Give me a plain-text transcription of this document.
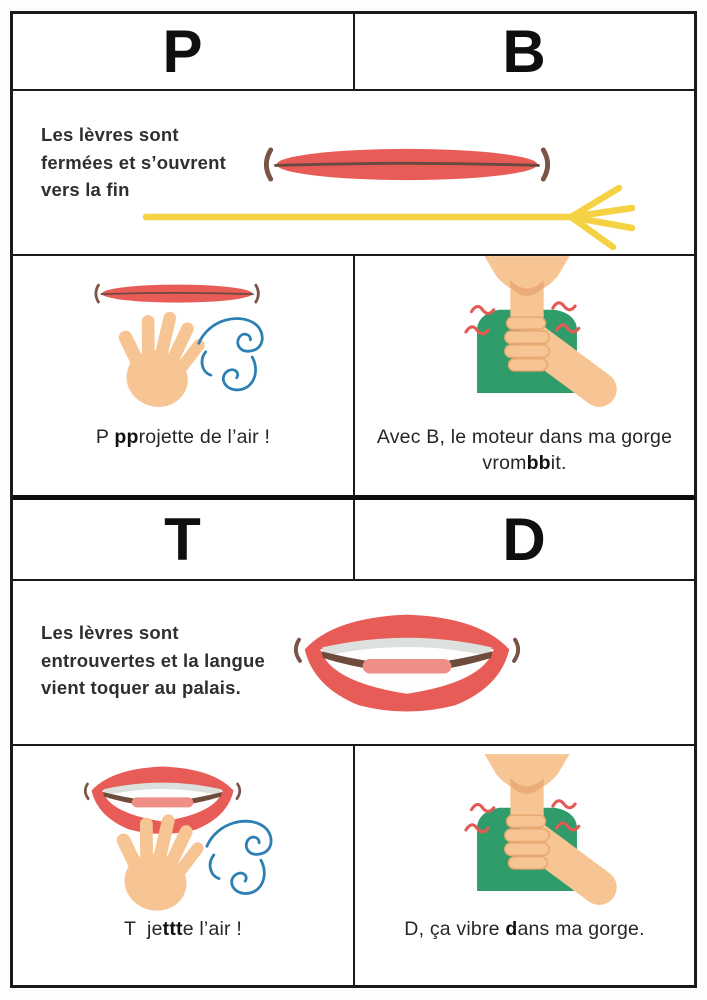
P	B
Les lèvres sont
fermées et s’ouvrent
vers la fin
P pprojette de l’air !	Avec B, le moteur dans ma gorge vrombbit.
T	D
Les lèvres sont
entrouvertes et la langue
vient toquer au palais.
T  jettte l’air !	D, ça vibre dans ma gorge.
